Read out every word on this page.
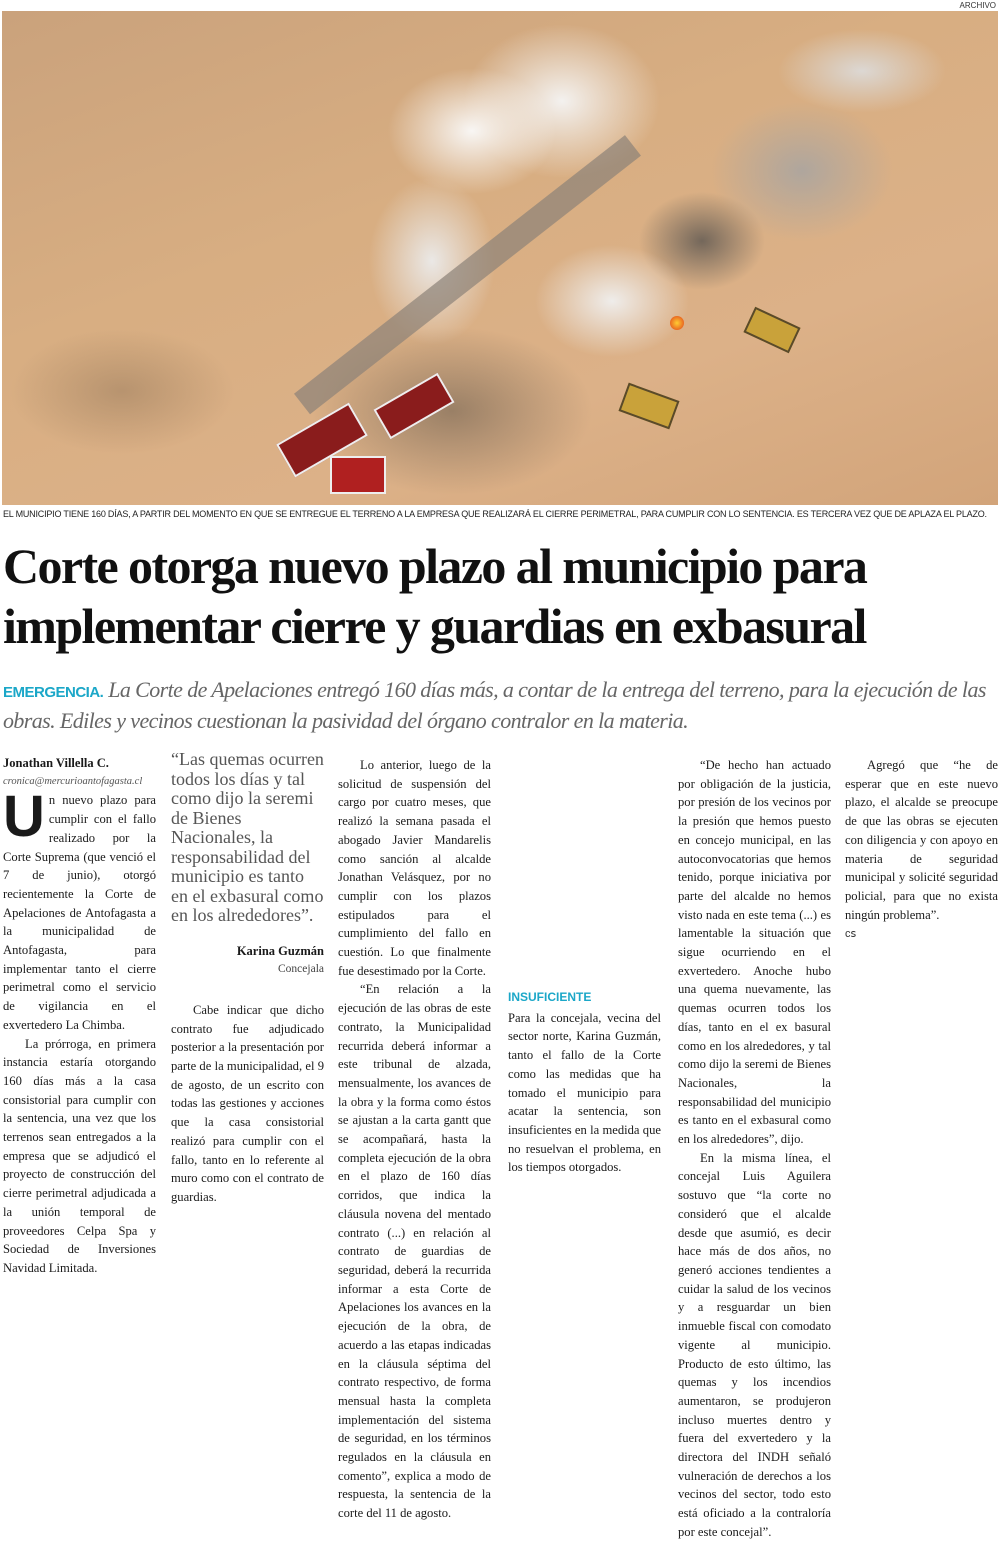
ARCHIVO
EL MUNICIPIO TIENE 160 DÍAS, A PARTIR DEL MOMENTO EN QUE SE ENTREGUE EL TERRENO A LA EMPRESA QUE REALIZARÁ EL CIERRE PERIMETRAL, PARA CUMPLIR CON LO SENTENCIA. ES TERCERA VEZ QUE DE APLAZA EL PLAZO.
Corte otorga nuevo plazo al municipio para
implementar cierre y guardias en exbasural
EMERGENCIA. La Corte de Apelaciones entregó 160 días más, a contar de la entrega del terreno, para la ejecución de las obras. Ediles y vecinos cuestionan la pasividad del órgano contralor en la materia.

Jonathan Villella C.

cronica@mercurioantofagasta.cl

Un nuevo plazo para cumplir con el fallo realizado por la Corte Suprema (que venció el 7 de junio), otorgó recientemente la Corte de Apelaciones de Antofagasta a la municipalidad de Antofagasta, para implementar tanto el cierre perimetral como el servicio de vigilancia en el exvertedero La Chimba.

La prórroga, en primera instancia estaría otorgando 160 días más a la casa consistorial para cumplir con la sentencia, una vez que los terrenos sean entregados a la empresa que se adjudicó el proyecto de construcción del cierre perimetral adjudicada a la unión temporal de proveedores Celpa Spa y Sociedad de Inversiones Navidad Limitada.

“Las quemas ocurren todos los días y tal como dijo la seremi de Bienes Nacionales, la responsabilidad del municipio es tanto en el exbasural como en los alrededores”.
Karina Guzmán
Concejala

Cabe indicar que dicho contrato fue adjudicado posterior a la presentación por parte de la municipalidad, el 9 de agosto, de un escrito con todas las gestiones y acciones que la casa consistorial realizó para cumplir con el fallo, tanto en lo referente al muro como con el contrato de guardias.

Lo anterior, luego de la solicitud de suspensión del cargo por cuatro meses, que realizó la semana pasada el abogado Javier Mandarelis como sanción al alcalde Jonathan Velásquez, por no cumplir con los plazos estipulados para el cumplimiento del fallo en cuestión. Lo que finalmente fue desestimado por la Corte.

“En relación a la ejecución de las obras de este contrato, la Municipalidad recurrida deberá informar a este tribunal de alzada, mensualmente, los avances de la obra y la forma como éstos se ajustan a la carta gantt que se acompañará, hasta la completa ejecución de la obra en el plazo de 160 días corridos, que indica la cláusula novena del mentado contrato (...) en relación al contrato de guardias de seguridad, deberá la recurrida informar a esta Corte de Apelaciones los avances en la ejecución de la obra, de acuerdo a las etapas indicadas en la cláusula séptima del contrato respectivo, de forma mensual hasta la completa implementación del sistema de seguridad, en los términos regulados en la cláusula en comento”, explica a modo de respuesta, la sentencia de la corte del 11 de agosto.

INSUFICIENTE

Para la concejala, vecina del sector norte, Karina Guzmán, tanto el fallo de la Corte como las medidas que ha tomado el municipio para acatar la sentencia, son insuficientes en la medida que no resuelvan el problema, en los tiempos otorgados.

“De hecho han actuado por obligación de la justicia, por presión de los vecinos por la presión que hemos puesto en concejo municipal, en las autoconvocatorias que hemos tenido, porque iniciativa por parte del alcalde no hemos visto nada en este tema (...) es lamentable la situación que sigue ocurriendo en el exvertedero. Anoche hubo una quema nuevamente, las quemas ocurren todos los días, tanto en el ex basural como en los alrededores, y tal como dijo la seremi de Bienes Nacionales, la responsabilidad del municipio es tanto en el exbasural como en los alrededores”, dijo.

En la misma línea, el concejal Luis Aguilera sostuvo que “la corte no consideró que el alcalde desde que asumió, es decir hace más de dos años, no generó acciones tendientes a cuidar la salud de los vecinos y a resguardar un bien inmueble fiscal con comodato vigente al municipio. Producto de esto último, las quemas y los incendios aumentaron, se produjeron incluso muertes dentro y fuera del exvertedero y la directora del INDH señaló vulneración de derechos a los vecinos del sector, todo esto está oficiado a la contraloría por este concejal”.

Agregó que “he de esperar que en este nuevo plazo, el alcalde se preocupe de que las obras se ejecuten con diligencia y con apoyo en materia de seguridad municipal y solicité seguridad policial, para que no exista ningún problema”.

ᴄꜱ
